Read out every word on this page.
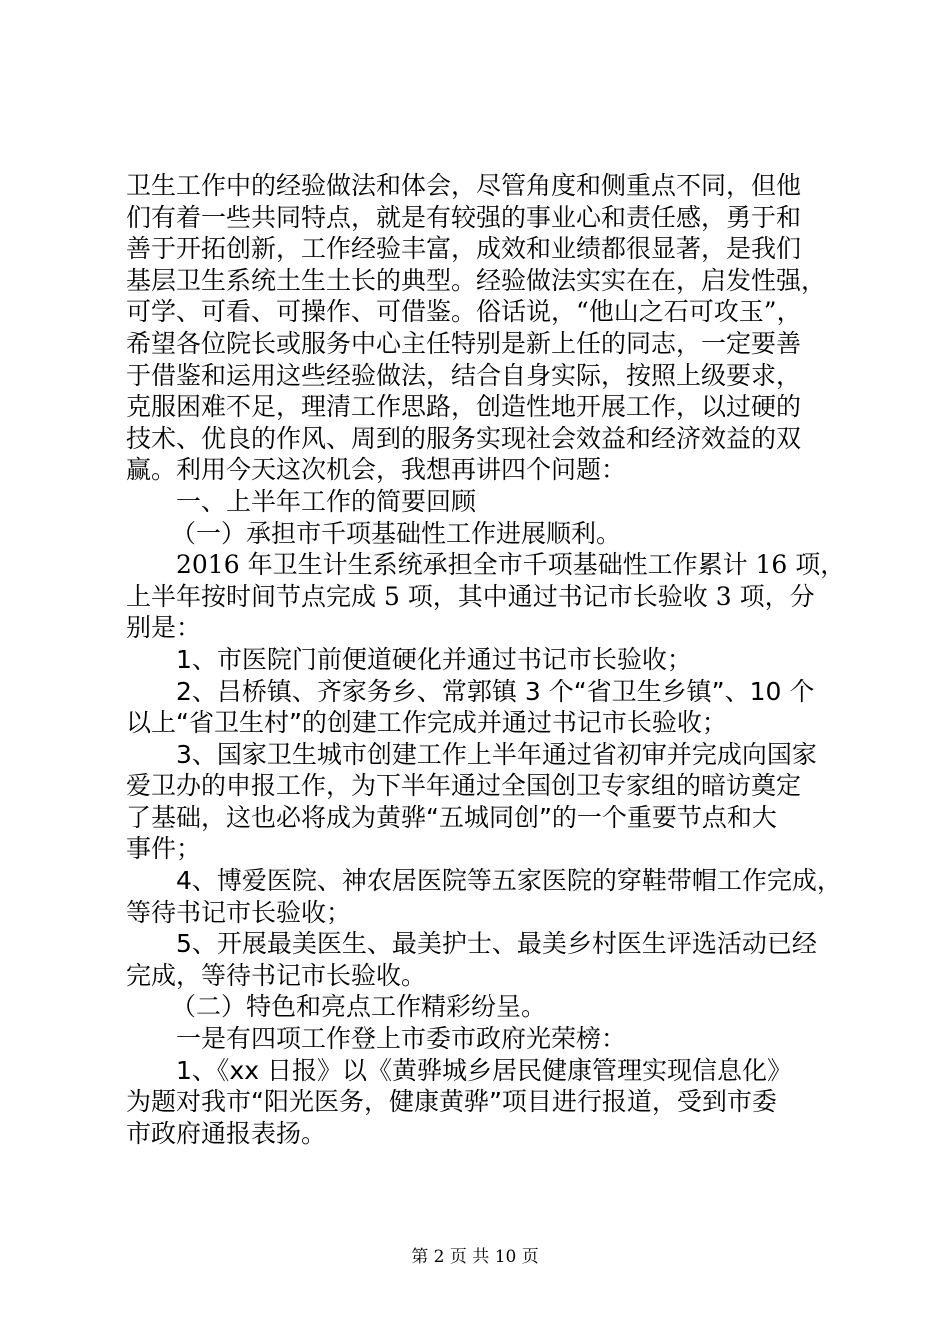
卫生工作中的经验做法和体会，尽管角度和侧重点不同，但他
们有着一些共同特点，就是有较强的事业心和责任感，勇于和
善于开拓创新，工作经验丰富，成效和业绩都很显著，是我们
基层卫生系统土生土长的典型。经验做法实实在在，启发性强，
可学、可看、可操作、可借鉴。俗话说，“他山之石可攻玉”，
希望各位院长或服务中心主任特别是新上任的同志，一定要善
于借鉴和运用这些经验做法，结合自身实际，按照上级要求，
克服困难不足，理清工作思路，创造性地开展工作，以过硬的
技术、优良的作风、周到的服务实现社会效益和经济效益的双
赢。利用今天这次机会，我想再讲四个问题：
一、上半年工作的简要回顾
（一）承担市千项基础性工作进展顺利。
2016 年卫生计生系统承担全市千项基础性工作累计 16 项，
上半年按时间节点完成 5 项，其中通过书记市长验收 3 项，分
别是：
1、市医院门前便道硬化并通过书记市长验收；
2、吕桥镇、齐家务乡、常郭镇 3 个“省卫生乡镇”、10 个
以上“省卫生村”的创建工作完成并通过书记市长验收；
3、国家卫生城市创建工作上半年通过省初审并完成向国家
爱卫办的申报工作，为下半年通过全国创卫专家组的暗访奠定
了基础，这也必将成为黄骅“五城同创”的一个重要节点和大
事件；
4、博爱医院、神农居医院等五家医院的穿鞋带帽工作完成，
等待书记市长验收；
5、开展最美医生、最美护士、最美乡村医生评选活动已经
完成，等待书记市长验收。
（二）特色和亮点工作精彩纷呈。
一是有四项工作登上市委市政府光荣榜：
1、《xx 日报》以《黄骅城乡居民健康管理实现信息化》
为题对我市“阳光医务，健康黄骅”项目进行报道，受到市委
市政府通报表扬。
第 2 页 共 10 页
